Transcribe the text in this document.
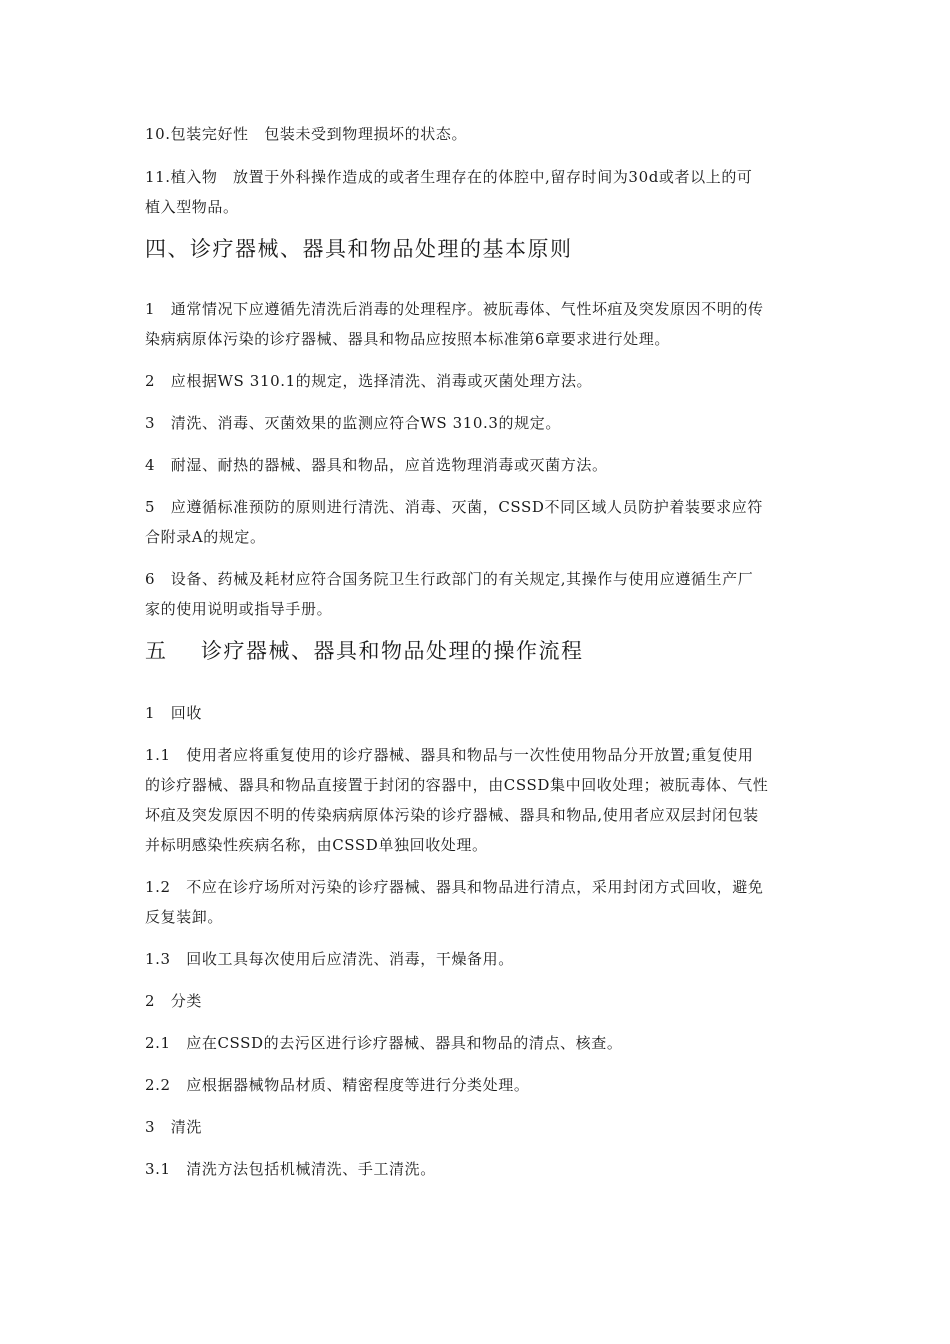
10.包装完好性　包装未受到物理损坏的状态。
11.植入物　放置于外科操作造成的或者生理存在的体腔中,留存时间为30d或者以上的可
植入型物品。
四、诊疗器械、器具和物品处理的基本原则
1　通常情况下应遵循先清洗后消毒的处理程序。被朊毒体、气性坏疽及突发原因不明的传
染病病原体污染的诊疗器械、器具和物品应按照本标准第6章要求进行处理。
2　应根据WS 310.1的规定，选择清洗、消毒或灭菌处理方法。
3　清洗、消毒、灭菌效果的监测应符合WS 310.3的规定。
4　耐湿、耐热的器械、器具和物品，应首选物理消毒或灭菌方法。
5　应遵循标准预防的原则进行清洗、消毒、灭菌，CSSD不同区域人员防护着装要求应符
合附录A的规定。
6　设备、药械及耗材应符合国务院卫生行政部门的有关规定,其操作与使用应遵循生产厂
家的使用说明或指导手册。
五 诊疗器械、器具和物品处理的操作流程
1　回收
1.1　使用者应将重复使用的诊疗器械、器具和物品与一次性使用物品分开放置;重复使用
的诊疗器械、器具和物品直接置于封闭的容器中，由CSSD集中回收处理；被朊毒体、气性
坏疽及突发原因不明的传染病病原体污染的诊疗器械、器具和物品,使用者应双层封闭包装
并标明感染性疾病名称，由CSSD单独回收处理。
1.2　不应在诊疗场所对污染的诊疗器械、器具和物品进行清点，采用封闭方式回收，避免
反复装卸。
1.3　回收工具每次使用后应清洗、消毒，干燥备用。
2　分类
2.1　应在CSSD的去污区进行诊疗器械、器具和物品的清点、核查。
2.2　应根据器械物品材质、精密程度等进行分类处理。
3　清洗
3.1　清洗方法包括机械清洗、手工清洗。
